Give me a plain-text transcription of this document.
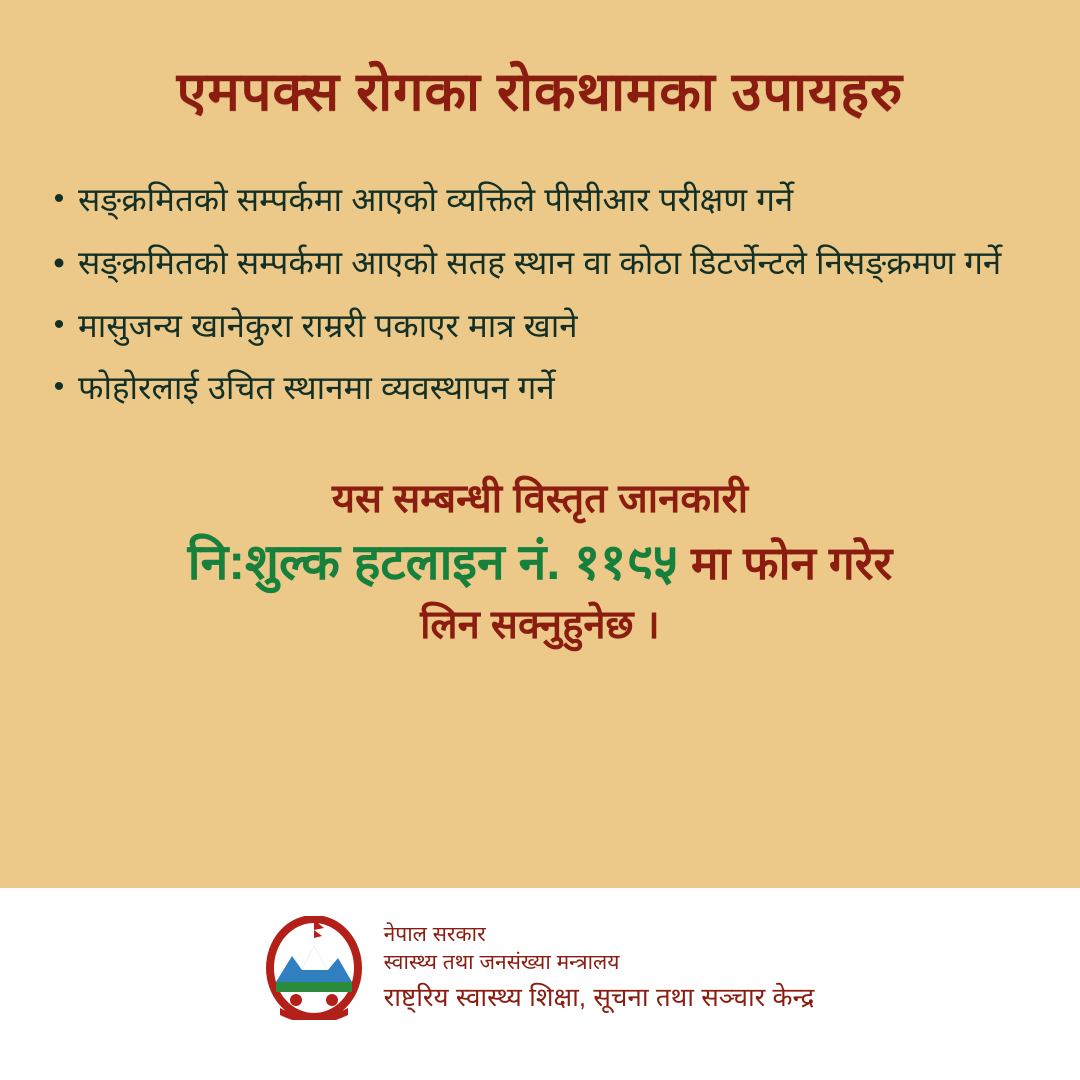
एमपक्स रोगका रोकथामका उपायहरु
• सङ्क्रमितको सम्पर्कमा आएको व्यक्तिले पीसीआर परीक्षण गर्ने
• सङ्क्रमितको सम्पर्कमा आएको सतह स्थान वा कोठा डिटर्जेन्टले निसङ्क्रमण गर्ने
• मासुजन्य खानेकुरा राम्ररी पकाएर मात्र खाने
• फोहोरलाई उचित स्थानमा व्यवस्थापन गर्ने
यस सम्बन्धी विस्तृत जानकारी
नि:शुल्क हटलाइन नं. ११९५ मा फोन गरेर
लिन सक्नुहुनेछ ।
नेपाल सरकार
स्वास्थ्य तथा जनसंख्या मन्त्रालय
राष्ट्रिय स्वास्थ्य शिक्षा, सूचना तथा सञ्चार केन्द्र
